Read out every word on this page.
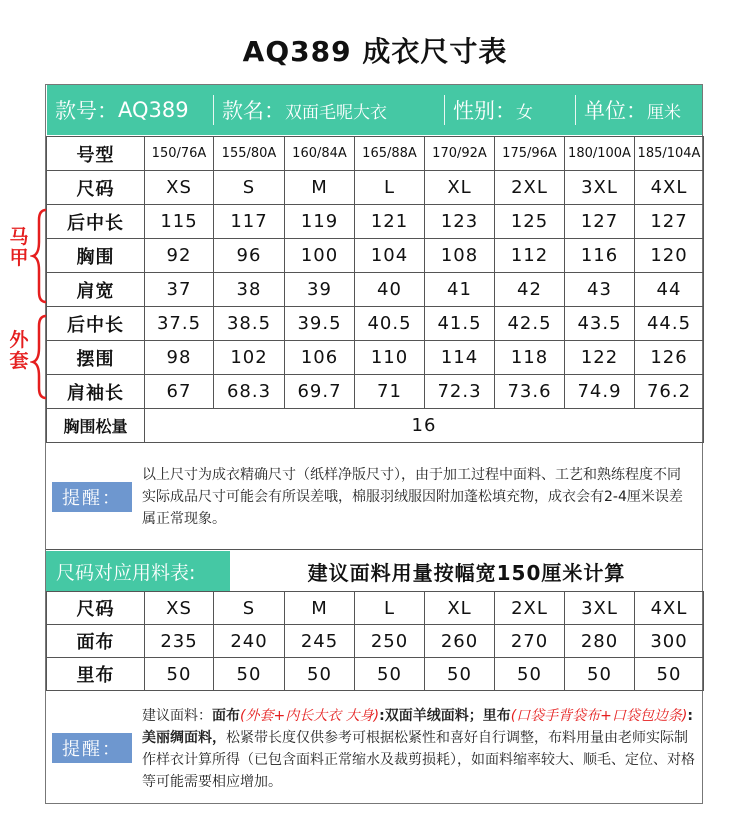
AQ389 成衣尺寸表
款号： AQ389 款名： 双面毛呢大衣	性别： 女 单位： 厘米
马甲
外套
号型	150/76A	155/80A	160/84A	165/88A	170/92A	175/96A	180/100A	185/104A
尺码	XS	S	M	L	XL	2XL	3XL	4XL
后中长	115	117	119	121	123	125	127	127
胸围	92	96	100	104	108	112	116	120
肩宽	37	38	39	40	41	42	43	44
后中长	37.5	38.5	39.5	40.5	41.5	42.5	43.5	44.5
摆围	98	102	106	110	114	118	122	126
肩袖长	67	68.3	69.7	71	72.3	73.6	74.9	76.2
胸围松量	16							
提醒：
以上尺寸为成衣精确尺寸（纸样净版尺寸），由于加工过程中面料、工艺和熟练程度不同实际成品尺寸可能会有所误差哦，棉服羽绒服因附加蓬松填充物，成衣会有2-4厘米误差属正常现象。
尺码对应用料表:	建议面料用量按幅宽150厘米计算
尺码	XS	S	M	L	XL	2XL	3XL	4XL
面布	235	240	245	250	260	270	280	300
里布	50	50	50	50	50	50	50	50
提醒：
建议面料：面布(外套+内长大衣 大身):双面羊绒面料；里布(口袋手背袋布+口袋包边条):美丽绸面料，松紧带长度仅供参考可根据松紧性和喜好自行调整，布料用量由老师实际制作样衣计算所得（已包含面料正常缩水及裁剪损耗），如面料缩率较大、顺毛、定位、对格等可能需要相应增加。
